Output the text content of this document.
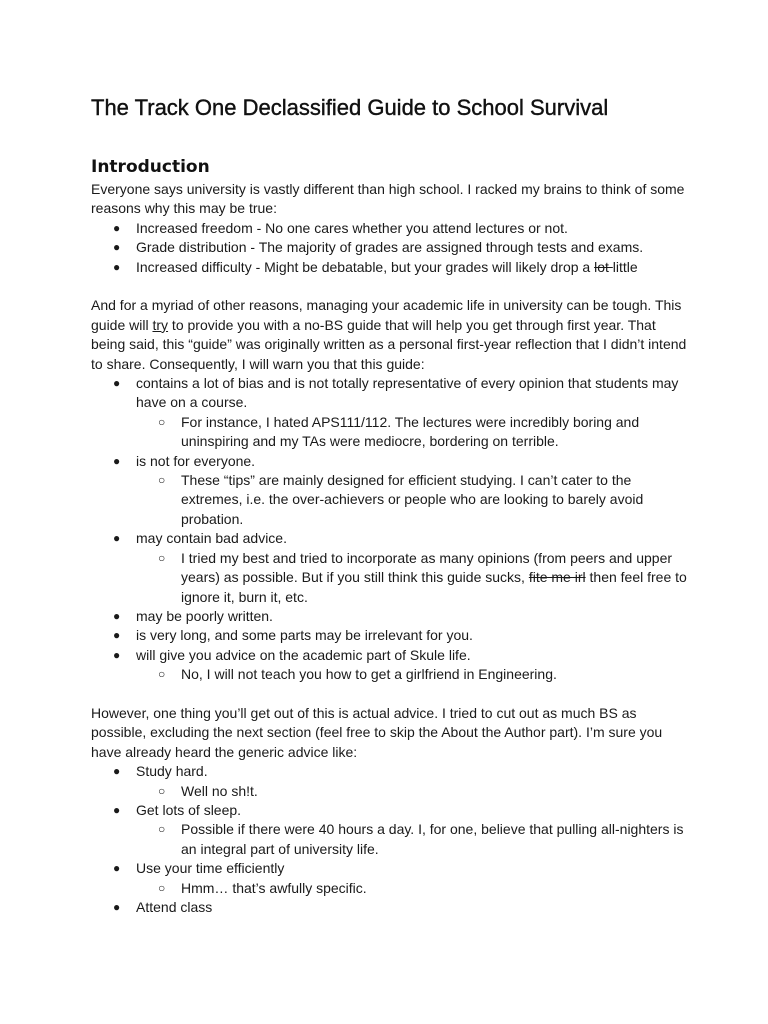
The Track One Declassified Guide to School Survival
Introduction

Everyone says university is vastly different than high school. I racked my brains to think of some reasons why this may be true:

● Increased freedom - No one cares whether you attend lectures or not.
● Grade distribution - The majority of grades are assigned through tests and exams.
● Increased difficulty - Might be debatable, but your grades will likely drop a lot little

And for a myriad of other reasons, managing your academic life in university can be tough. This guide will try to provide you with a no-BS guide that will help you get through first year. That being said, this “guide” was originally written as a personal first-year reflection that I didn’t intend to share. Consequently, I will warn you that this guide:

● contains a lot of bias and is not totally representative of every opinion that students may have on a course.
○ For instance, I hated APS111/112. The lectures were incredibly boring and uninspiring and my TAs were mediocre, bordering on terrible.
● is not for everyone.
○ These “tips” are mainly designed for efficient studying. I can’t cater to the extremes, i.e. the over-achievers or people who are looking to barely avoid probation.
● may contain bad advice.
○ I tried my best and tried to incorporate as many opinions (from peers and upper years) as possible. But if you still think this guide sucks, fite me irl then feel free to ignore it, burn it, etc.
● may be poorly written.
● is very long, and some parts may be irrelevant for you.
● will give you advice on the academic part of Skule life.
○ No, I will not teach you how to get a girlfriend in Engineering.

However, one thing you’ll get out of this is actual advice. I tried to cut out as much BS as possible, excluding the next section (feel free to skip the About the Author part). I’m sure you have already heard the generic advice like:

● Study hard.
○ Well no sh!t.
● Get lots of sleep.
○ Possible if there were 40 hours a day. I, for one, believe that pulling all-nighters is an integral part of university life.
● Use your time efficiently
○ Hmm… that’s awfully specific.
● Attend class
